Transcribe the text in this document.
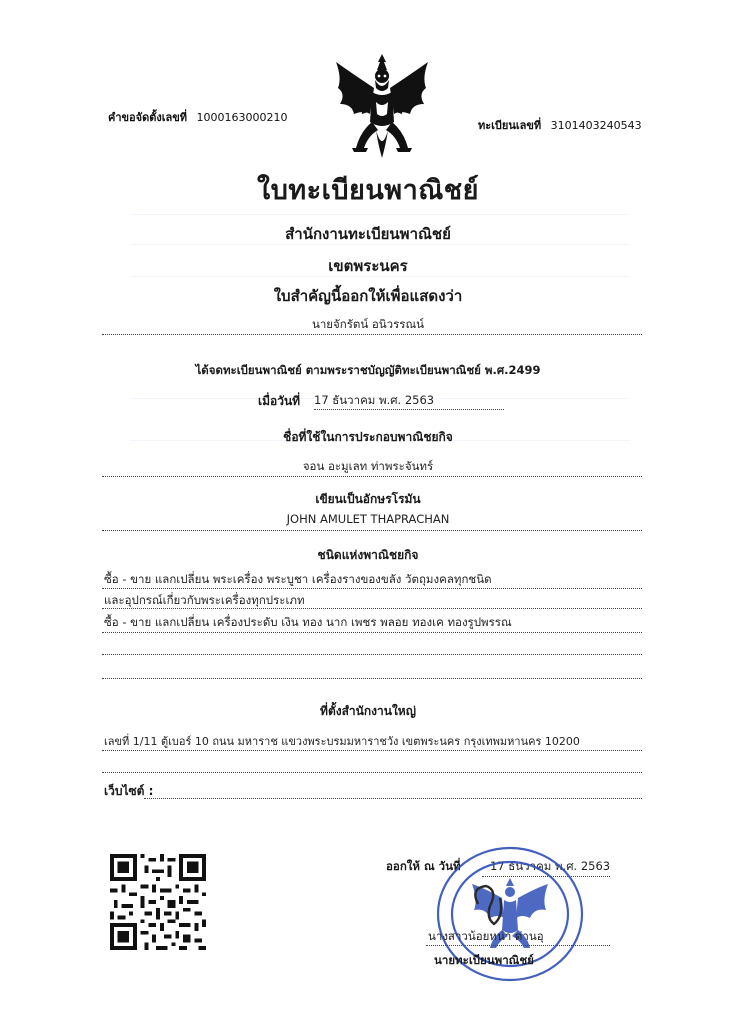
คำขอจัดตั้งเลขที่ 1000163000210
ทะเบียนเลขที่ 3101403240543
ใบทะเบียนพาณิชย์
สำนักงานทะเบียนพาณิชย์
เขตพระนคร
ใบสำคัญนี้ออกให้เพื่อแสดงว่า
นายจักรัตน์ อนิวรรณน์
ได้จดทะเบียนพาณิชย์ ตามพระราชบัญญัติทะเบียนพาณิชย์ พ.ศ.2499
เมื่อวันที่ 17 ธันวาคม พ.ศ. 2563
ชื่อที่ใช้ในการประกอบพาณิชยกิจ
จอน อะมูเลท ท่าพระจันทร์
เขียนเป็นอักษรโรมัน
JOHN AMULET THAPRACHAN
ชนิดแห่งพาณิชยกิจ
ซื้อ - ขาย แลกเปลี่ยน พระเครื่อง พระบูชา เครื่องรางของขลัง วัตถุมงคลทุกชนิด
และอุปกรณ์เกี่ยวกับพระเครื่องทุกประเภท
ซื้อ - ขาย แลกเปลี่ยน เครื่องประดับ เงิน ทอง นาก เพชร พลอย ทองเค ทองรูปพรรณ
ที่ตั้งสำนักงานใหญ่
เลขที่ 1/11 ตู้เบอร์ 10 ถนน มหาราช แขวงพระบรมมหาราชวัง เขตพระนคร กรุงเทพมหานคร 10200
เว็บไซต์ :
ออกให้ ณ วันที่	17 ธันวาคม พ.ศ. 2563
นางสาวน้อยหน่า ด่านอุ
นายทะเบียนพาณิชย์
